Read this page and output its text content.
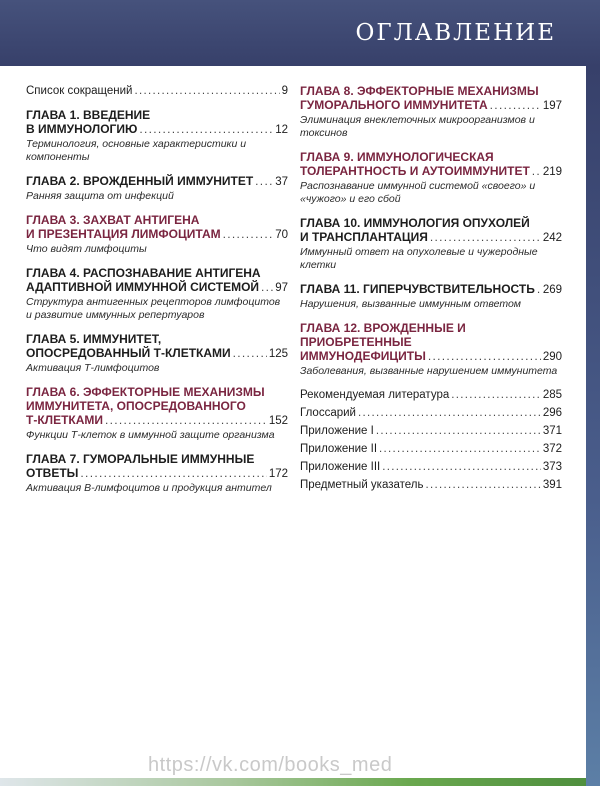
ОГЛАВЛЕНИЕ
Список сокращений .....	9
ГЛАВА 1. ВВЕДЕНИЕ
В ИММУНОЛОГИЮ .....	12
Терминология, основные характеристики и компоненты
ГЛАВА 2. ВРОЖДЕННЫЙ ИММУНИТЕТ ..... 37
Ранняя защита от инфекций
ГЛАВА 3. ЗАХВАТ АНТИГЕНА
И ПРЕЗЕНТАЦИЯ ЛИМФОЦИТАМ .....	70
Что видят лимфоциты
ГЛАВА 4. РАСПОЗНАВАНИЕ АНТИГЕНА
АДАПТИВНОЙ ИММУННОЙ СИСТЕМОЙ ..... 97
Структура антигенных рецепторов лимфоцитов и развитие иммунных репертуаров
ГЛАВА 5. ИММУНИТЕТ,
ОПОСРЕДОВАННЫЙ Т-КЛЕТКАМИ .....	125
Активация Т-лимфоцитов
ГЛАВА 6. ЭФФЕКТОРНЫЕ МЕХАНИЗМЫ ИММУНИТЕТА, ОПОСРЕДОВАННОГО
Т-КЛЕТКАМИ .....	152
Функции Т-клеток в иммунной защите организма
ГЛАВА 7. ГУМОРАЛЬНЫЕ ИММУННЫЕ
ОТВЕТЫ .....	172
Активация В-лимфоцитов и продукция антител
ГЛАВА 8. ЭФФЕКТОРНЫЕ МЕХАНИЗМЫ
ГУМОРАЛЬНОГО ИММУНИТЕТА .....	197
Элиминация внеклеточных микроорганизмов и токсинов
ГЛАВА 9. ИММУНОЛОГИЧЕСКАЯ
ТОЛЕРАНТНОСТЬ И АУТОИММУНИТЕТ ..... 219
Распознавание иммунной системой «своего» и «чужого» и его сбой
ГЛАВА 10. ИММУНОЛОГИЯ ОПУХОЛЕЙ
И ТРАНСПЛАНТАЦИЯ .....	242
Иммунный ответ на опухолевые и чужеродные клетки
ГЛАВА 11. ГИПЕРЧУВСТВИТЕЛЬНОСТЬ ..... 269
Нарушения, вызванные иммунным ответом
ГЛАВА 12. ВРОЖДЕННЫЕ И ПРИОБРЕТЕННЫЕ
ИММУНОДЕФИЦИТЫ .....	290
Заболевания, вызванные нарушением иммунитета
Рекомендуемая литература .....	285
Глоссарий .....	296
Приложение I .....	371
Приложение II .....	372
Приложение III .....	373
Предметный указатель .....	391
https://vk.com/books_med
